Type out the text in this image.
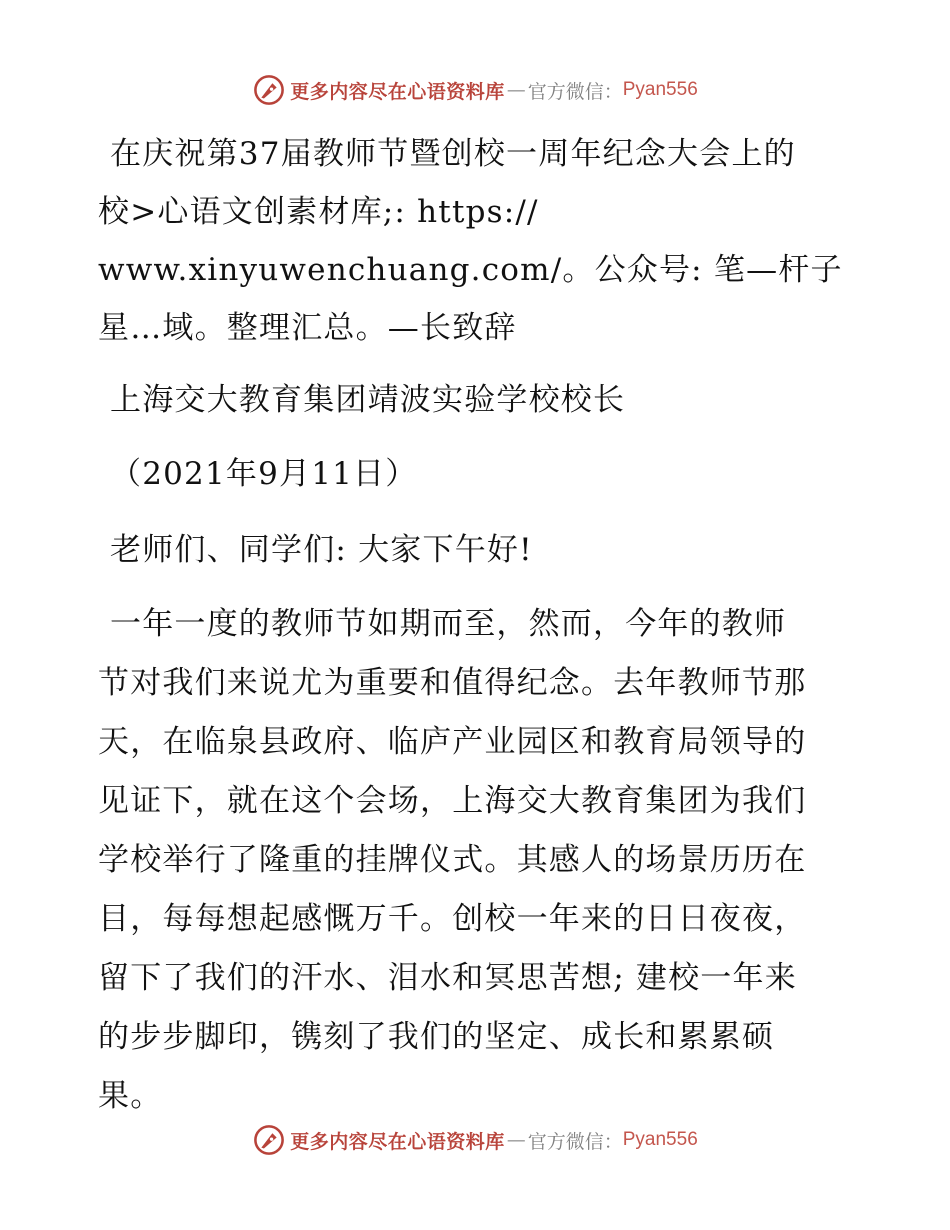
更多内容尽在心语资料库 — 官方微信： Pyan556
在庆祝第37届教师节暨创校一周年纪念大会上的
校>心语文创素材库;: https://
www.xinyuwenchuang.com/。公众号: 笔—杆子
星…域。整理汇总。—长致辞
上海交大教育集团靖波实验学校校长
（2021年9月11日）
老师们、同学们: 大家下午好!
一年一度的教师节如期而至，然而，今年的教师
节对我们来说尤为重要和值得纪念。去年教师节那
天，在临泉县政府、临庐产业园区和教育局领导的
见证下，就在这个会场，上海交大教育集团为我们
学校举行了隆重的挂牌仪式。其感人的场景历历在
目，每每想起感慨万千。创校一年来的日日夜夜，
留下了我们的汗水、泪水和冥思苦想; 建校一年来
的步步脚印，镌刻了我们的坚定、成长和累累硕
果。
更多内容尽在心语资料库 — 官方微信： Pyan556
